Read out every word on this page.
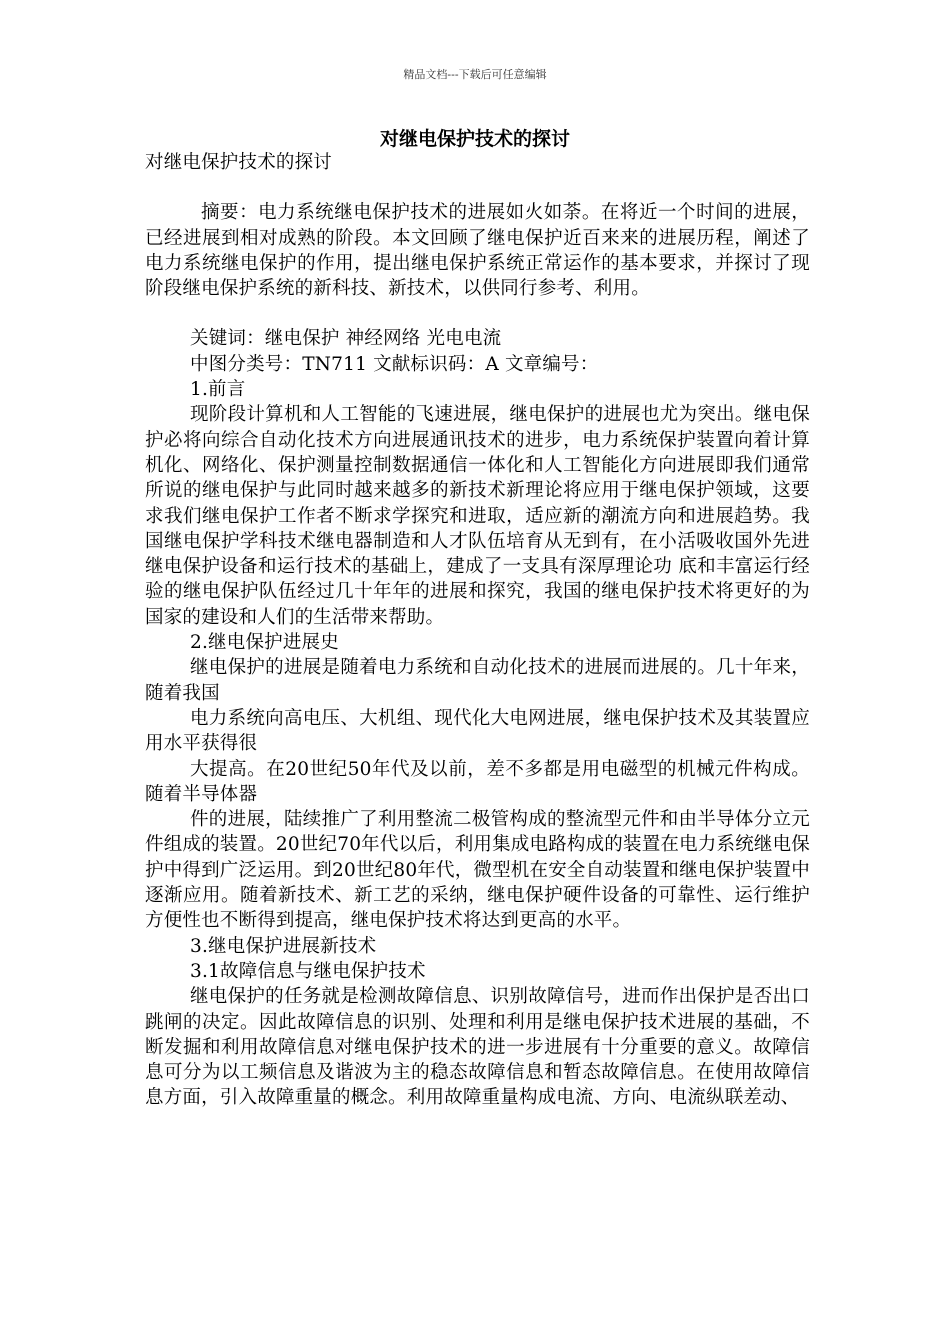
精品文档---下载后可任意编辑
对继电保护技术的探讨

对继电保护技术的探讨

摘要：电力系统继电保护技术的进展如火如荼。在将近一个时间的进展，已经进展到相对成熟的阶段。本文回顾了继电保护近百来来的进展历程，阐述了电力系统继电保护的作用，提出继电保护系统正常运作的基本要求，并探讨了现阶段继电保护系统的新科技、新技术，以供同行参考、利用。

关键词：继电保护 神经网络 光电电流

中图分类号：TN711 文献标识码：A 文章编号：

1.前言

现阶段计算机和人工智能的飞速进展，继电保护的进展也尤为突出。继电保护必将向综合自动化技术方向进展通讯技术的进步，电力系统保护装置向着计算机化、网络化、保护测量控制数据通信一体化和人工智能化方向进展即我们通常所说的继电保护与此同时越来越多的新技术新理论将应用于继电保护领域，这要求我们继电保护工作者不断求学探究和进取，适应新的潮流方向和进展趋势。我国继电保护学科技术继电器制造和人才队伍培育从无到有，在小活吸收国外先进继电保护设备和运行技术的基础上，建成了一支具有深厚理论功 底和丰富运行经验的继电保护队伍经过几十年年的进展和探究，我国的继电保护技术将更好的为国家的建设和人们的生活带来帮助。

2.继电保护进展史

继电保护的进展是随着电力系统和自动化技术的进展而进展的。几十年来，随着我国

电力系统向高电压、大机组、现代化大电网进展，继电保护技术及其装置应用水平获得很

大提高。在20世纪50年代及以前，差不多都是用电磁型的机械元件构成。随着半导体器

件的进展，陆续推广了利用整流二极管构成的整流型元件和由半导体分立元件组成的装置。20世纪70年代以后，利用集成电路构成的装置在电力系统继电保护中得到广泛运用。到20世纪80年代，微型机在安全自动装置和继电保护装置中逐渐应用。随着新技术、新工艺的采纳，继电保护硬件设备的可靠性、运行维护方便性也不断得到提高，继电保护技术将达到更高的水平。

3.继电保护进展新技术

3.1故障信息与继电保护技术

继电保护的任务就是检测故障信息、识别故障信号，进而作出保护是否出口跳闸的决定。因此故障信息的识别、处理和利用是继电保护技术进展的基础，不断发掘和利用故障信息对继电保护技术的进一步进展有十分重要的意义。故障信息可分为以工频信息及谐波为主的稳态故障信息和暂态故障信息。在使用故障信息方面，引入故障重量的概念。利用故障重量构成电流、方向、电流纵联差动、
